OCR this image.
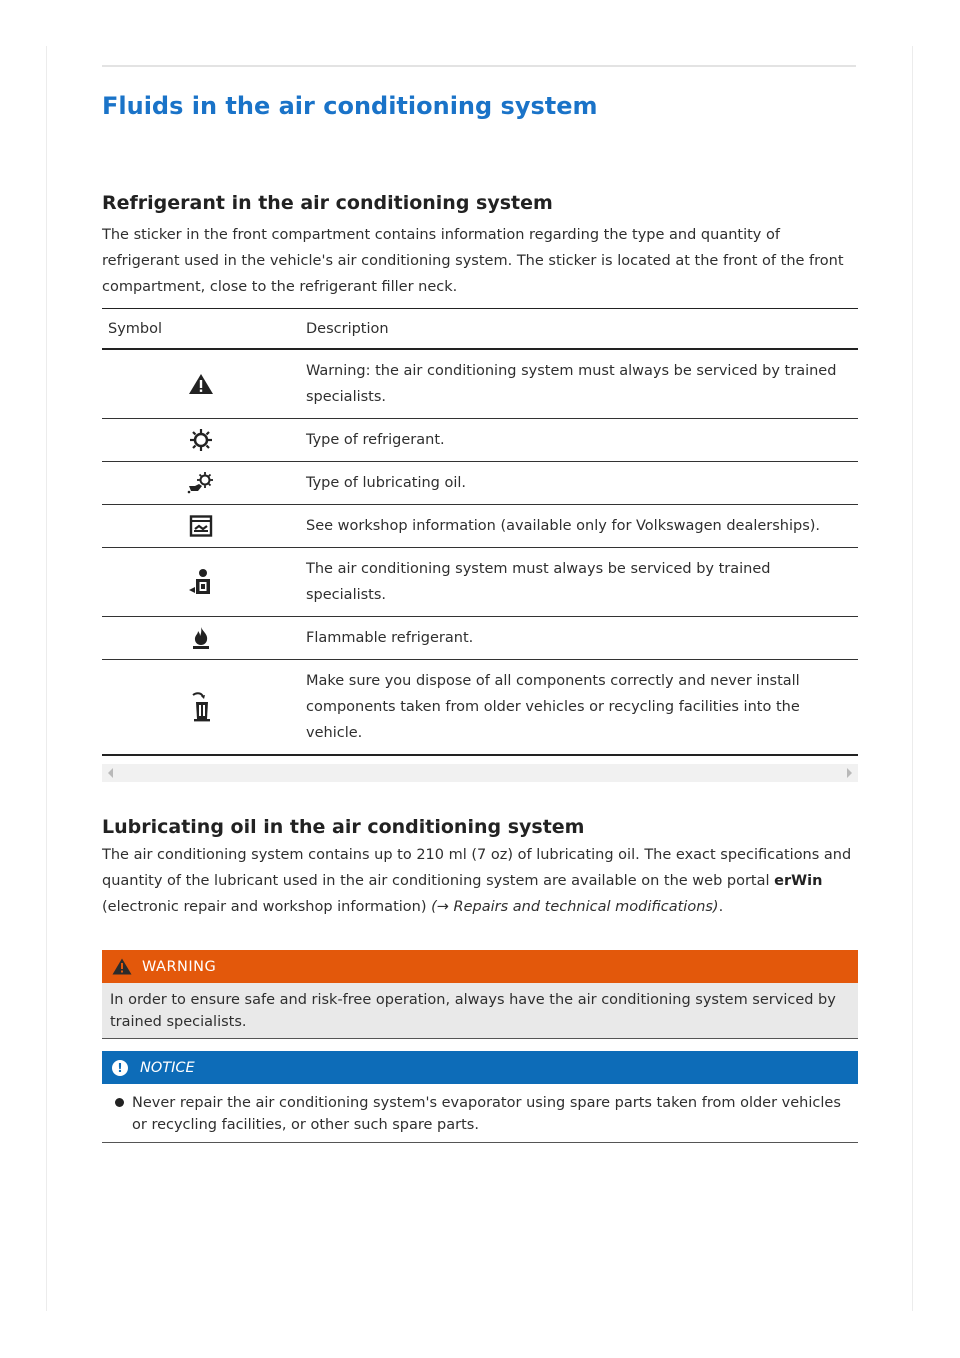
Fluids in the air conditioning system
Refrigerant in the air conditioning system

The sticker in the front compartment contains information regarding the type and quantity of refrigerant used in the vehicle's air conditioning system. The sticker is located at the front of the front compartment, close to the refrigerant filler neck.

Symbol	Description
	Warning: the air conditioning system must always be serviced by trained specialists.
	Type of refrigerant.
	Type of lubricating oil.
	See workshop information (available only for Volkswagen dealerships).
	The air conditioning system must always be serviced by trained specialists.
	Flammable refrigerant.
	Make sure you dispose of all components correctly and never install components taken from older vehicles or recycling facilities into the vehicle.
Lubricating oil in the air conditioning system

The air conditioning system contains up to 210 ml (7 oz) of lubricating oil. The exact specifications and quantity of the lubricant used in the air conditioning system are available on the web portal erWin (electronic repair and workshop information) (→ Repairs and technical modifications).

WARNING
In order to ensure safe and risk-free operation, always have the air conditioning system serviced by trained specialists.
!	NOTICE
Never repair the air conditioning system's evaporator using spare parts taken from older vehicles or recycling facilities, or other such spare parts.
